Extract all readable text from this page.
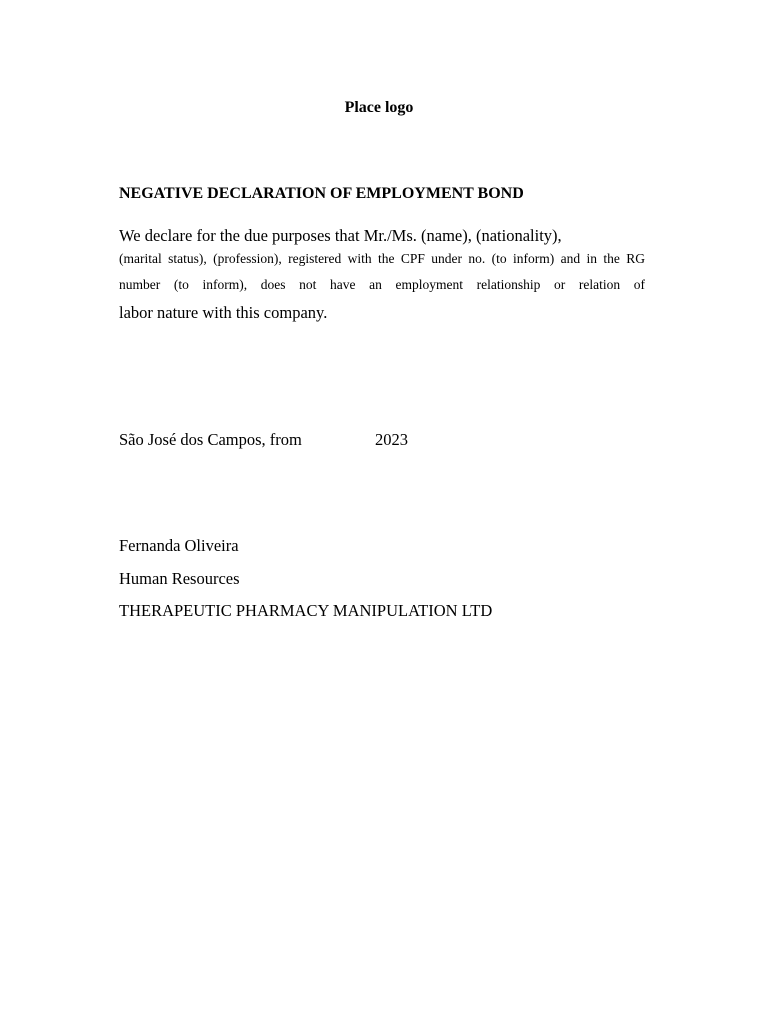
Place logo
NEGATIVE DECLARATION OF EMPLOYMENT BOND
We declare for the due purposes that Mr./Ms. (name), (nationality),
(marital status), (profession), registered with the CPF under no. (to inform) and in the RG
number (to inform), does not have an employment relationship or relation of
labor nature with this company.
São José dos Campos, from	2023
Fernanda Oliveira
Human Resources
THERAPEUTIC PHARMACY MANIPULATION LTD
